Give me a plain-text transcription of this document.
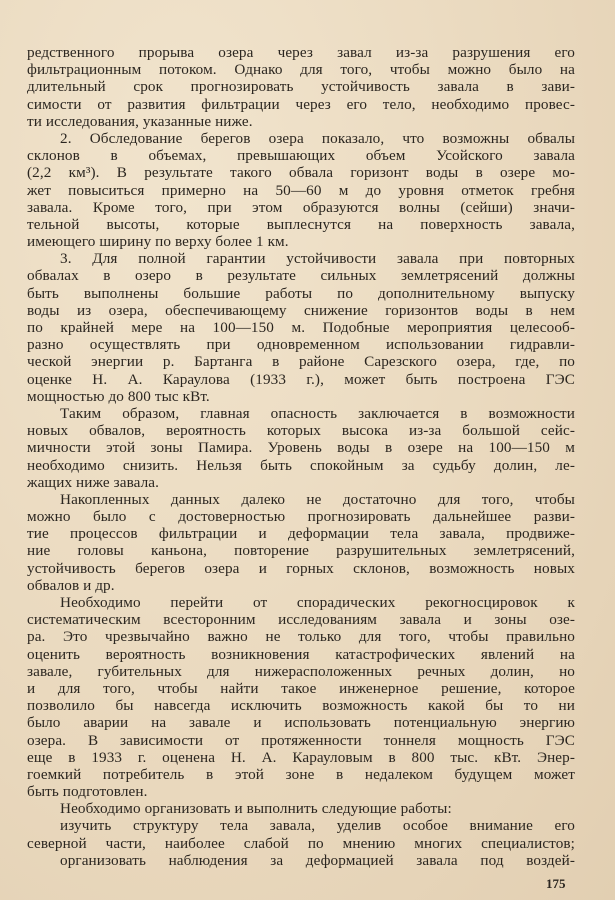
редственного прорыва озера через завал из-за разрушения его
фильтрационным потоком. Однако для того, чтобы можно было на
длительный срок прогнозировать устойчивость завала в зави-
симости от развития фильтрации через его тело, необходимо провес-
ти исследования, указанные ниже.
2. Обследование берегов озера показало, что возможны обвалы
склонов в объемах, превышающих объем Усойского завала
(2,2 км³). В результате такого обвала горизонт воды в озере мо-
жет повыситься примерно на 50—60 м до уровня отметок гребня
завала. Кроме того, при этом образуются волны (сейши) значи-
тельной высоты, которые выплеснутся на поверхность завала,
имеющего ширину по верху более 1 км.
3. Для полной гарантии устойчивости завала при повторных
обвалах в озеро в результате сильных землетрясений должны
быть выполнены большие работы по дополнительному выпуску
воды из озера, обеспечивающему снижение горизонтов воды в нем
по крайней мере на 100—150 м. Подобные мероприятия целесооб-
разно осуществлять при одновременном использовании гидравли-
ческой энергии р. Бартанга в районе Сарезского озера, где, по
оценке Н. А. Караулова (1933 г.), может быть построена ГЭС
мощностью до 800 тыс кВт.
Таким образом, главная опасность заключается в возможности
новых обвалов, вероятность которых высока из-за большой сейс-
мичности этой зоны Памира. Уровень воды в озере на 100—150 м
необходимо снизить. Нельзя быть спокойным за судьбу долин, ле-
жащих ниже завала.
Накопленных данных далеко не достаточно для того, чтобы
можно было с достоверностью прогнозировать дальнейшее разви-
тие процессов фильтрации и деформации тела завала, продвиже-
ние головы каньона, повторение разрушительных землетрясений,
устойчивость берегов озера и горных склонов, возможность новых
обвалов и др.
Необходимо перейти от спорадических рекогносцировок к
систематическим всесторонним исследованиям завала и зоны озе-
ра. Это чрезвычайно важно не только для того, чтобы правильно
оценить вероятность возникновения катастрофических явлений на
завале, губительных для нижерасположенных речных долин, но
и для того, чтобы найти такое инженерное решение, которое
позволило бы навсегда исключить возможность какой бы то ни
было аварии на завале и использовать потенциальную энергию
озера. В зависимости от протяженности тоннеля мощность ГЭС
еще в 1933 г. оценена Н. А. Карауловым в 800 тыс. кВт. Энер-
гоемкий потребитель в этой зоне в недалеком будущем может
быть подготовлен.
Необходимо организовать и выполнить следующие работы:
изучить структуру тела завала, уделив особое внимание его
северной части, наиболее слабой по мнению многих специалистов;
организовать наблюдения за деформацией завала под воздей-
175
